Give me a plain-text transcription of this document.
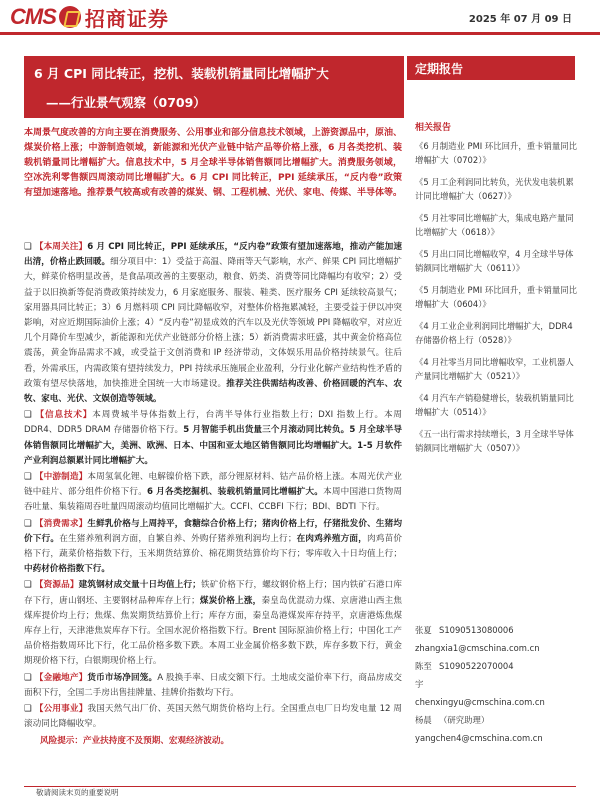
CMS 招商证券	2025 年 07 月 09 日
6 月 CPI 同比转正，挖机、装载机销量同比增幅扩大
——行业景气观察（0709）
定期报告
本周景气度改善的方向主要在消费服务、公用事业和部分信息技术领域，上游资源品中，原油、煤炭价格上涨；中游制造领域，新能源和光伏产业链中钴产品等价格上涨，6 月各类挖机、装载机销量同比增幅扩大。信息技术中，5 月全球半导体销售额同比增幅扩大。消费服务领域，空冰洗利零售额四周滚动同比增幅扩大。6 月 CPI 同比转正，PPI 延续承压，“反内卷”政策有望加速落地。推荐景气较高或有改善的煤炭、钢、工程机械、光伏、家电、传媒、半导体等。
❑ 【本周关注】6 月 CPI 同比转正，PPI 延续承压，“反内卷”政策有望加速落地，推动产能加速出清，价格止跌回暖。细分项目中：1）受益于高温、降雨等天气影响，水产、鲜果 CPI 同比增幅扩大，鲜菜价格明显改善，是食品项改善的主要驱动，粮食、奶类、消费等同比降幅均有收窄；2）受益于以旧换新等促消费政策持续发力，6 月家庭服务、服装、鞋类、医疗服务 CPI 延续较高景气；家用器具同比转正；3）6 月燃料项 CPI 同比降幅收窄，对整体价格拖累减轻，主要受益于伊以冲突影响，对应近期国际油价上涨；4）“反内卷”初显成效的汽车以及光伏等领域 PPI 降幅收窄，对应近几个月降价车型减少，新能源和光伏产业链部分价格上涨；5）新消费需求旺盛，其中黄金价格高位震荡，黄金饰品需求不减，或受益于文创消费和 IP 经济带动，文体娱乐用品价格持续景气。往后看，外需承压，内需政策有望持续发力，PPI 持续承压施展企业盈利，分行业化解产业结构性矛盾的政策有望尽快落地，加快推进全国统一大市场建设。推荐关注供需结构改善、价格回暖的汽车、农牧、家电、光伏、文娱创造等领域。
❑ 【信息技术】本周费城半导体指数上行，台湾半导体行业指数上行；DXI 指数上行。本周 DDR4、DDR5 DRAM 存储器价格下行。5 月智能手机出货量三个月滚动同比转负。5 月全球半导体销售额同比增幅扩大，美洲、欧洲、日本、中国和亚太地区销售额同比均增幅扩大。1-5 月软件产业利润总额累计同比增幅扩大。
❑ 【中游制造】本周氢氧化锂、电解镍价格下跌，部分锂原材料、钴产品价格上涨。本周光伏产业链中硅片、部分组件价格下行。6 月各类挖掘机、装载机销量同比增幅扩大。本周中国港口货物周吞吐量、集装箱周吞吐量四周滚动均值同比增幅扩大。CCFI、CCBFI 下行；BDI、BDTI 下行。
❑ 【消费需求】生鲜乳价格与上周持平，食糖综合价格上行；猪肉价格上行，仔猪批发价、生猪均价下行。在生猪养殖利润方面，自繁自养、外购仔猪养殖利润均上行；在肉鸡养殖方面，肉鸡苗价格下行，蔬菜价格指数下行，玉米期货结算价、棉花期货结算价均下行；零库收入十日均值上行；中药材价格指数下行。
❑ 【资源品】建筑钢材成交量十日均值上行；铁矿价格下行，螺纹钢价格上行；国内铁矿石港口库存下行，唐山钢坯、主要钢材品种库存上行；煤炭价格上涨，秦皇岛优混动力煤、京唐港山西主焦煤库提价均上行；焦煤、焦炭期货结算价上行；库存方面，秦皇岛港煤炭库存持平，京唐港炼焦煤库存上行，天津港焦炭库存下行。全国水泥价格指数下行。Brent 国际原油价格上行；中国化工产品价格指数周环比下行，化工品价格多数下跌。本周工业金属价格多数下跌，库存多数下行，黄金期现价格下行，白银期现价格上行。
❑ 【金融地产】货币市场净回笼。A 股换手率、日成交额下行。土地成交溢价率下行，商品房成交面积下行，全国二手房出售挂牌量、挂牌价指数均下行。
❑ 【公用事业】我国天然气出厂价、英国天然气期货价格均上行。全国重点电厂日均发电量 12 周滚动同比降幅收窄。
风险提示：产业扶持度不及预期、宏观经济波动。
相关报告
《6 月制造业 PMI 环比回升，重卡销量同比增幅扩大（0702）》
《5 月工企利润同比转负，光伏发电装机累计同比增幅扩大（0627）》
《5 月社零同比增幅扩大，集成电路产量同比增幅扩大（0618）》
《5 月出口同比增幅收窄，4 月全球半导体销额同比增幅扩大（0611）》
《5 月制造业 PMI 环比回升，重卡销量同比增幅扩大（0604）》
《4 月工业企业利润同比增幅扩大，DDR4 存储器价格上行（0528）》
《4 月社零当月同比增幅收窄，工业机器人产量同比增幅扩大（0521）》
《4 月汽车产销稳健增长，装载机销量同比增幅扩大（0514）》
《五一出行需求持续增长，3 月全球半导体销额同比增幅扩大（0507）》
张夏 S1090513080006
zhangxia1@cmschina.com.cn
陈至宇
S1090522070004
chenxingyu@cmschina.com.cn
杨晨 （研究助理）
yangchen4@cmschina.com.cn
敬请阅读末页的重要说明
